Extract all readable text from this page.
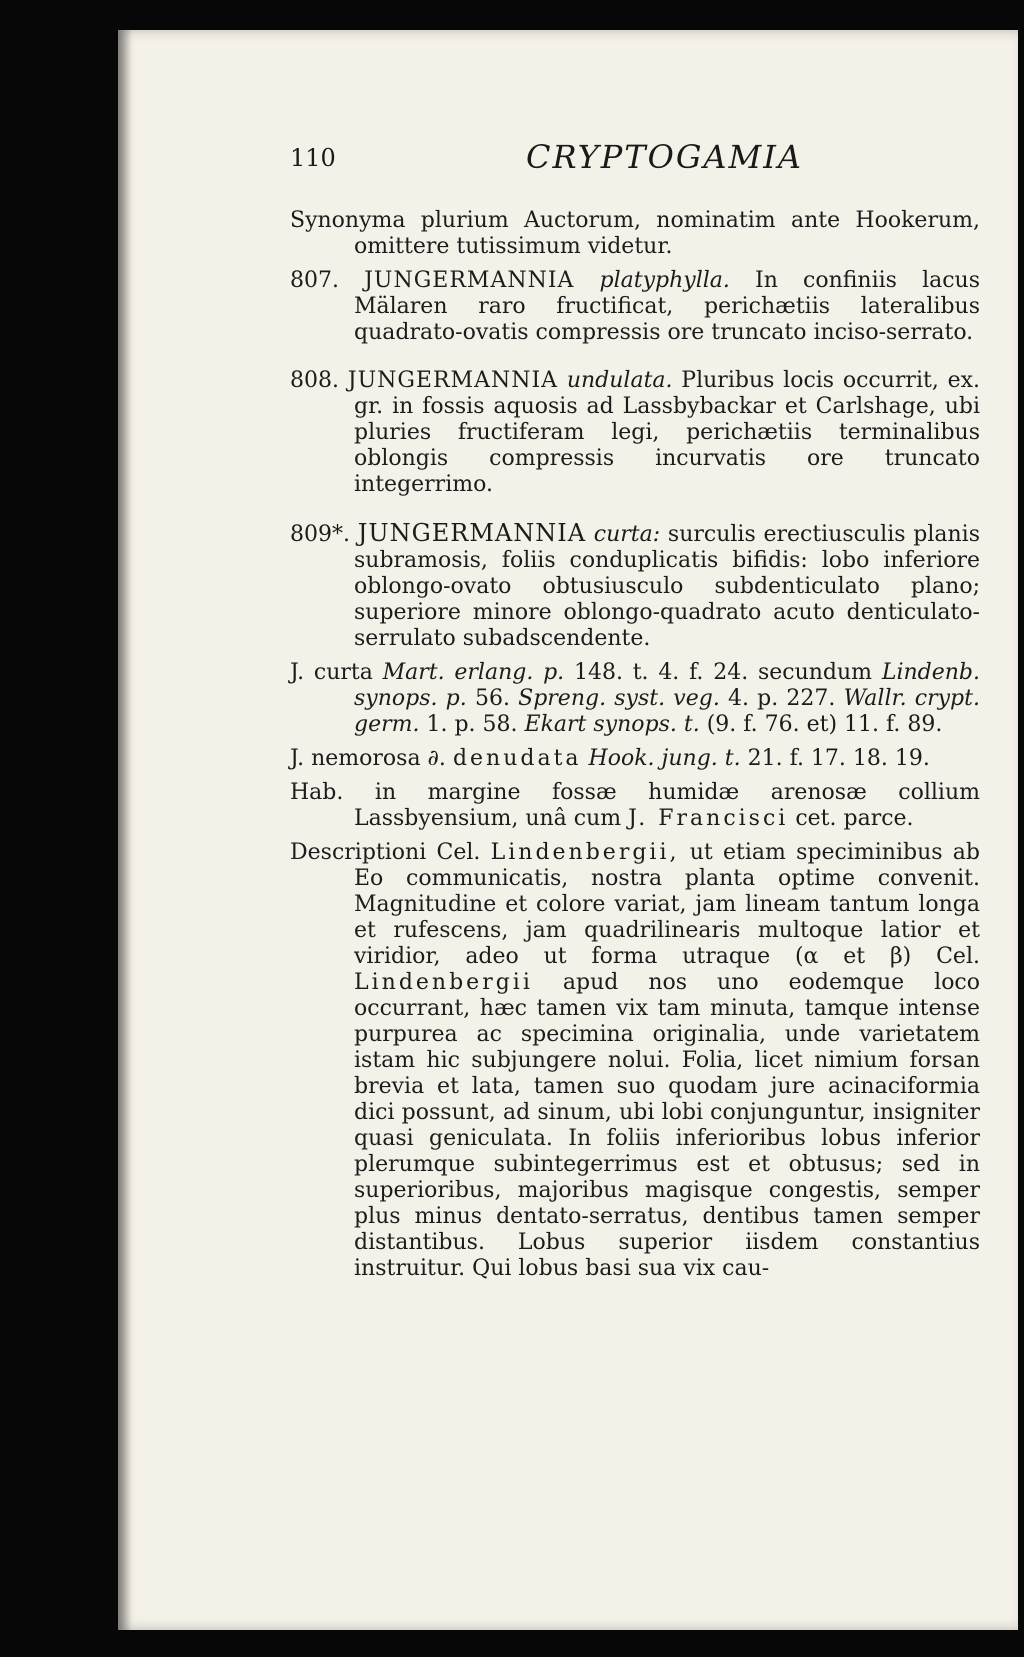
110	CRYPTOGAMIA

Synonyma plurium Auctorum, nominatim ante Hookerum, omittere tutissimum videtur.

807. JUNGERMANNIA platyphylla. In confiniis lacus Mälaren raro fructificat, perichætiis lateralibus quadrato-ovatis compressis ore truncato inciso-serrato.

808. JUNGERMANNIA undulata. Pluribus locis occurrit, ex. gr. in fossis aquosis ad Lassbybackar et Carlshage, ubi pluries fructiferam legi, perichætiis terminalibus oblongis compressis incurvatis ore truncato integerrimo.

809*. JUNGERMANNIA curta: surculis erectiusculis planis subramosis, foliis conduplicatis bifidis: lobo inferiore oblongo-ovato obtusiusculo subdenticulato plano; superiore minore oblongo-quadrato acuto denticulato-serrulato subadscendente.

J. curta Mart. erlang. p. 148. t. 4. f. 24. secundum Lindenb. synops. p. 56. Spreng. syst. veg. 4. p. 227. Wallr. crypt. germ. 1. p. 58. Ekart synops. t. (9. f. 76. et) 11. f. 89.

J. nemorosa ∂. denudata Hook. jung. t. 21. f. 17. 18. 19.

Hab. in margine fossæ humidæ arenosæ collium Lassbyensium, unâ cum J. Francisci cet. parce.

Descriptioni Cel. Lindenbergii, ut etiam speciminibus ab Eo communicatis, nostra planta optime convenit. Magnitudine et colore variat, jam lineam tantum longa et rufescens, jam quadrilinearis multoque latior et viridior, adeo ut forma utraque (α et β) Cel. Lindenbergii apud nos uno eodemque loco occurrant, hæc tamen vix tam minuta, tamque intense purpurea ac specimina originalia, unde varietatem istam hic subjungere nolui. Folia, licet nimium forsan brevia et lata, tamen suo quodam jure acinaciformia dici possunt, ad sinum, ubi lobi conjunguntur, insigniter quasi geniculata. In foliis inferioribus lobus inferior plerumque subintegerrimus est et obtusus; sed in superioribus, majoribus magisque congestis, semper plus minus dentato-serratus, dentibus tamen semper distantibus. Lobus superior iisdem constantius instruitur. Qui lobus basi sua vix cau-
